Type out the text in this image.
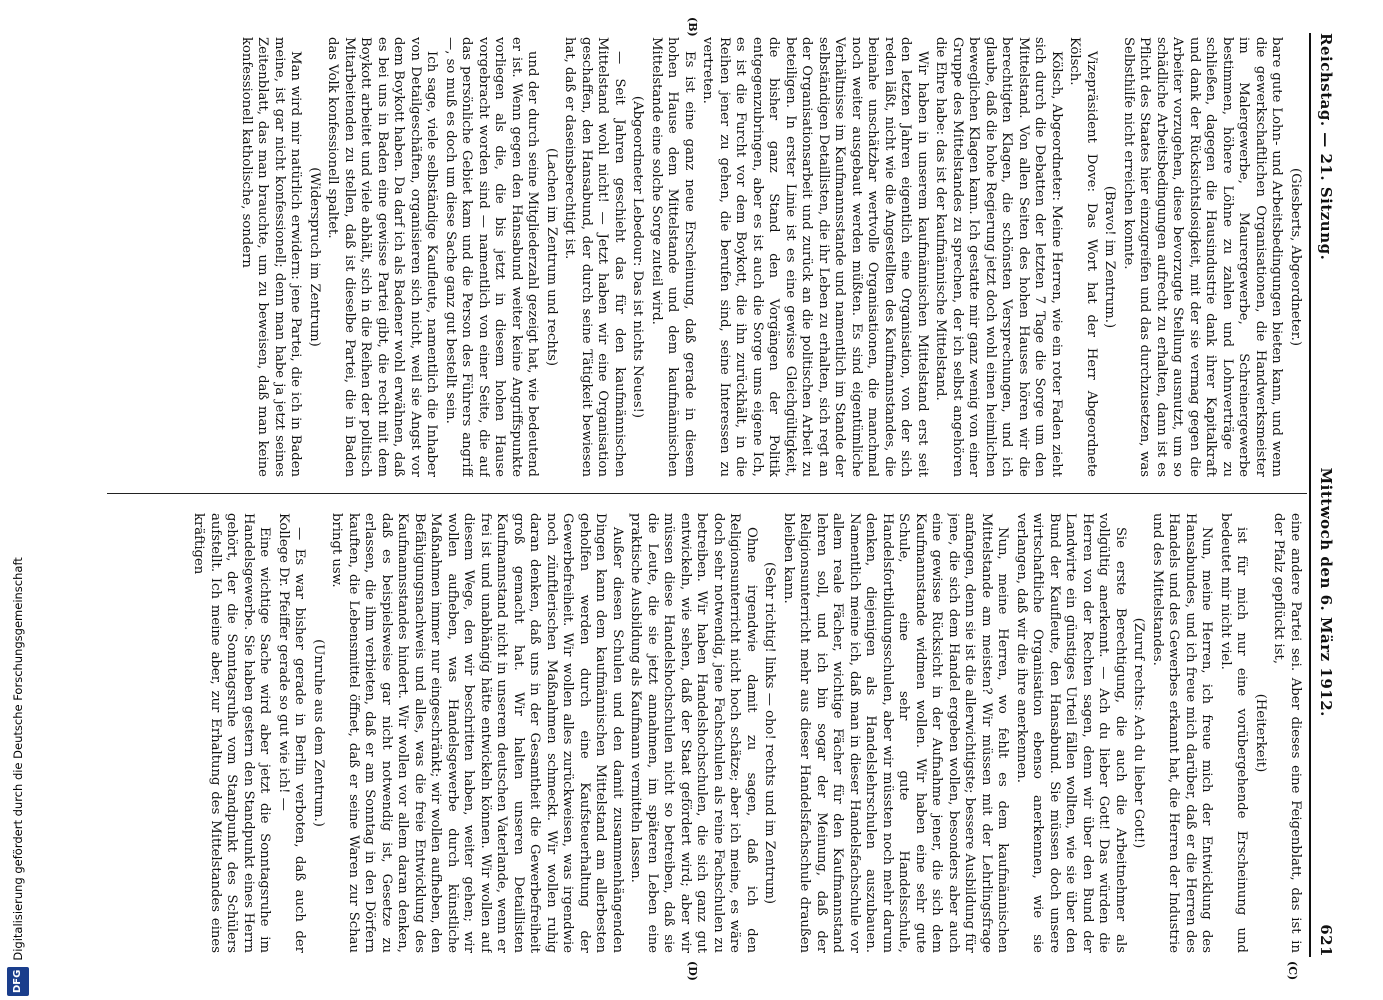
Reichstag. — 21. Sitzung.
Mittwoch den 6. März 1912.
621

(Giesberts, Abgeordneter.)

bare gute Lohn- und Arbeitsbedingungen bieten kann, und wenn die gewerkschaftlichen Organisationen, die Handwerksmeister im Malergewerbe, Maurergewerbe, Schreinergewerbe bestimmen, höhere Löhne zu zahlen und Lohnverträge zu schließen, dagegen die Hausindustrie dank ihrer Kapitalkraft und dank der Rücksichtslosigkeit, mit der sie vermag gegen die Arbeiter vorzugehen, diese bevorzugte Stellung ausnutzt, um so schädliche Arbeitsbedingungen aufrecht zu erhalten, dann ist es Pflicht des Staates hier einzugreifen und das durchzusetzen, was Selbsthilfe nicht erreichen konnte.

(Bravo! im Zentrum.)

Vizepräsident Dove: Das Wort hat der Herr Abgeordnete Kölsch.

Kölsch, Abgeordneter: Meine Herren, wie ein roter Faden zieht sich durch die Debatten der letzten 7 Tage die Sorge um den Mittelstand. Von allen Seiten des hohen Hauses hören wir die berechtigten Klagen, die schönsten Versprechungen, und ich glaube, daß die hohe Regierung jetzt doch wohl einen heimlichen beweglichen Klagen kann. Ich gestatte mir ganz wenig von einer Gruppe des Mittelstandes zu sprechen, der ich selbst angehören die Ehre habe: das ist der kaufmännische Mittelstand.

Wir haben in unserem kaufmännischen Mittelstand erst seit den letzten Jahren eigentlich eine Organisation, von der sich reden läßt, nicht wie die Angestellten des Kaufmannstandes, die beinahe unschätzbar wertvolle Organisationen, die manchmal noch weiter ausgebaut werden müßten. Es sind eigentümliche Verhältnisse im Kaufmannsstande und namentlich im Stande der selbständigen Detaillisten, die ihr Leben zu erhalten, sich regt an der Organisationsarbeit und zurück an die politischen Arbeit zu beteiligen. In erster Linie ist es eine gewisse Gleichgültigkeit, die bisher ganz Stand den Vorgängen der Politik entgegenzubringen, aber es ist auch die Sorge ums eigene Ich, es ist die Furcht vor dem Boykott, die ihn zurückhält, in die Reihen jener zu gehen, die berufen sind, seine Interessen zu vertreten.

Es ist eine ganz neue Erscheinung, daß gerade in diesem hohen Hause dem Mittelstande und dem kaufmännischen Mittelstande eine solche Sorge zuteil wird.

(Abgeordneter Lebedour: Das ist nichts Neues!)

— Seit Jahren geschieht das für den kaufmännischen Mittelstand wohl nicht! — Jetzt haben wir eine Organisation geschaffen, den Hansabund, der durch seine Tätigkeit bewiesen hat, daß er daseinsberechtigt ist.

(Lachen im Zentrum und rechts)

und der durch seine Mitgliederzahl gezeigt hat, wie bedeutend er ist. Wenn gegen den Hansabund weiter keine Angriffspunkte vorliegen als die, die bis jetzt in diesem hohen Hause vorgebracht worden sind — namentlich von einer Seite, die auf das persönliche Gebiet kam und die Person des Führers angriff —, so muß es doch um diese Sache ganz gut bestellt sein.

Ich sage, viele selbständige Kaufleute, namentlich die Inhaber von Detailgeschäften, organisieren sich nicht, weil sie Angst vor dem Boykott haben. Da darf ich als Badener wohl erwähnen, daß es bei uns in Baden eine gewisse Partei gibt, die recht mit dem Boykott arbeitet und viele abhält, sich in die Reihen der politisch Mitarbeitenden zu stellen, daß ist dieselbe Partei, die in Baden das Volk konfessionell spaltet.

(Widerspruch im Zentrum)

Man wird mir natürlich erwidern: jene Partei, die ich in Baden meine, ist gar nicht konfessionell; denn man habe ja jetzt seines Zeitenblatt, das man brauchte, um zu beweisen, daß man keine konfessionell katholische, sondern

eine andere Partei sei. Aber dieses eine Feigenblatt, das ist in der Pfalz gepflückt ist,

(Heiterkeit)

ist für mich nur eine vorübergehende Erscheinung und bedeutet mir nicht viel.

Nun, meine Herren, ich freue mich der Entwicklung des Hansabundes, und ich freue mich darüber, daß er die Herren des Handels und des Gewerbes erkannt hat, die Herren der Industrie und des Mittelstandes.

(Zuruf rechts: Ach du lieber Gott!)

Sie erste Berechtigung, die auch die Arbeitnehmer als vollgültig anerkennt. — Ach du lieber Gott! Das würden die Herren von der Rechten sagen, denn wir über den Bund der Landwirte ein günstiges Urteil fällen wollten, wie sie über den Bund der Kaufleute, den Hansabund. Sie müssen doch unsere wirtschaftliche Organisation ebenso anerkennen, wie sie verlangen, daß wir die ihre anerkennen.

Nun, meine Herren, wo fehlt es dem kaufmännischen Mittelstande am meisten? Wir müssen mit der Lehrlingsfrage anfangen, denn sie ist die allerwichtigste; bessere Ausbildung für jene, die sich dem Handel ergeben wollen, besonders aber auch eine gewisse Rücksicht in der Aufnahme jener, die sich dem Kaufmannstande widmen wollen. Wir haben eine sehr gute Schule, eine sehr gute Handelsschule, Handelsfortbildungsschulen, aber wir müssten noch mehr darum denken, diejenigen als Handelslehrschulen auszubauen. Namentlich meine ich, daß man in dieser Handelsfachschule vor allem reale Fächer, wichtige Fächer für den Kaufmannstand lehren soll, und ich bin sogar der Meinung, daß der Religionsunterricht mehr aus dieser Handelsfachschule draußen bleiben kann.

(Sehr richtig! links — oho! rechts und im Zentrum)

Ohne irgendwie damit zu sagen, daß ich den Religionsunterricht nicht hoch schätze; aber ich meine, es wäre doch sehr notwendig, jene Fachschulen als reine Fachschulen zu betreiben. Wir haben Handelshochschulen, die sich ganz gut entwickeln, wie sehen, daß der Staat gefördert wird; aber wir müssen diese Handelshochschulen nicht so betreiben, daß sie die Leute, die sie jetzt annahmen, im späteren Leben eine praktische Ausbildung als Kaufmann vermitteln lassen.

Außer diesen Schulen und den damit zusammenhängenden Dingen kann dem kaufmännischen Mittelstand am allerbesten geholfen werden durch eine Kaufsteuerhaltung der Gewerbefreiheit. Wir wollen alles zurückweisen, was irgendwie noch zünftlerischen Maßnahmen schmeckt. Wir wollen ruhig daran denken, daß uns in der Gesamtheit die Gewerbefreiheit groß gemacht hat. Wir halten unseren Detaillisten Kaufmannstand nicht in unserem deutschen Vaterlande, wenn er frei ist und unabhängig hätte entwickeln können. Wir wollen auf diesem Wege, den wir beschritten haben, weiter gehen; wir wollen aufheben, was Handelsgewerbe durch künstliche Maßnahmen immer nur eingeschränkt; wir wollen aufheben, den Befähigungsnachweis und alles, was die freie Entwicklung des Kaufmannsstandes hindert. Wir wollen vor allem daran denken, daß es beispielsweise gar nicht notwendig ist, Gesetze zu erlassen, die ihm verbieten, daß er am Sonntag in den Dörfern kauften, die Lebensmittel öffnet, daß er seine Waren zur Schau bringt usw.

(Unruhe aus dem Zentrum.)

— Es war bisher gerade in Berlin verboten, daß auch der Kollege Dr. Pfeiffer gerade so gut wie ich! —

Eine wichtige Sache wird aber jetzt die Sonntagsruhe im Handelsgewerbe. Sie haben gestern den Standpunkt eines Herrn gehört, der die Sonntagsruhe vom Standpunkt des Schülers aufstellt. Ich meine aber, zur Erhaltung des Mittelstandes eines kräftigen

(C)
(D)
(B)
DFG
Digitalisierung gefördert durch die Deutsche Forschungsgemeinschaft
